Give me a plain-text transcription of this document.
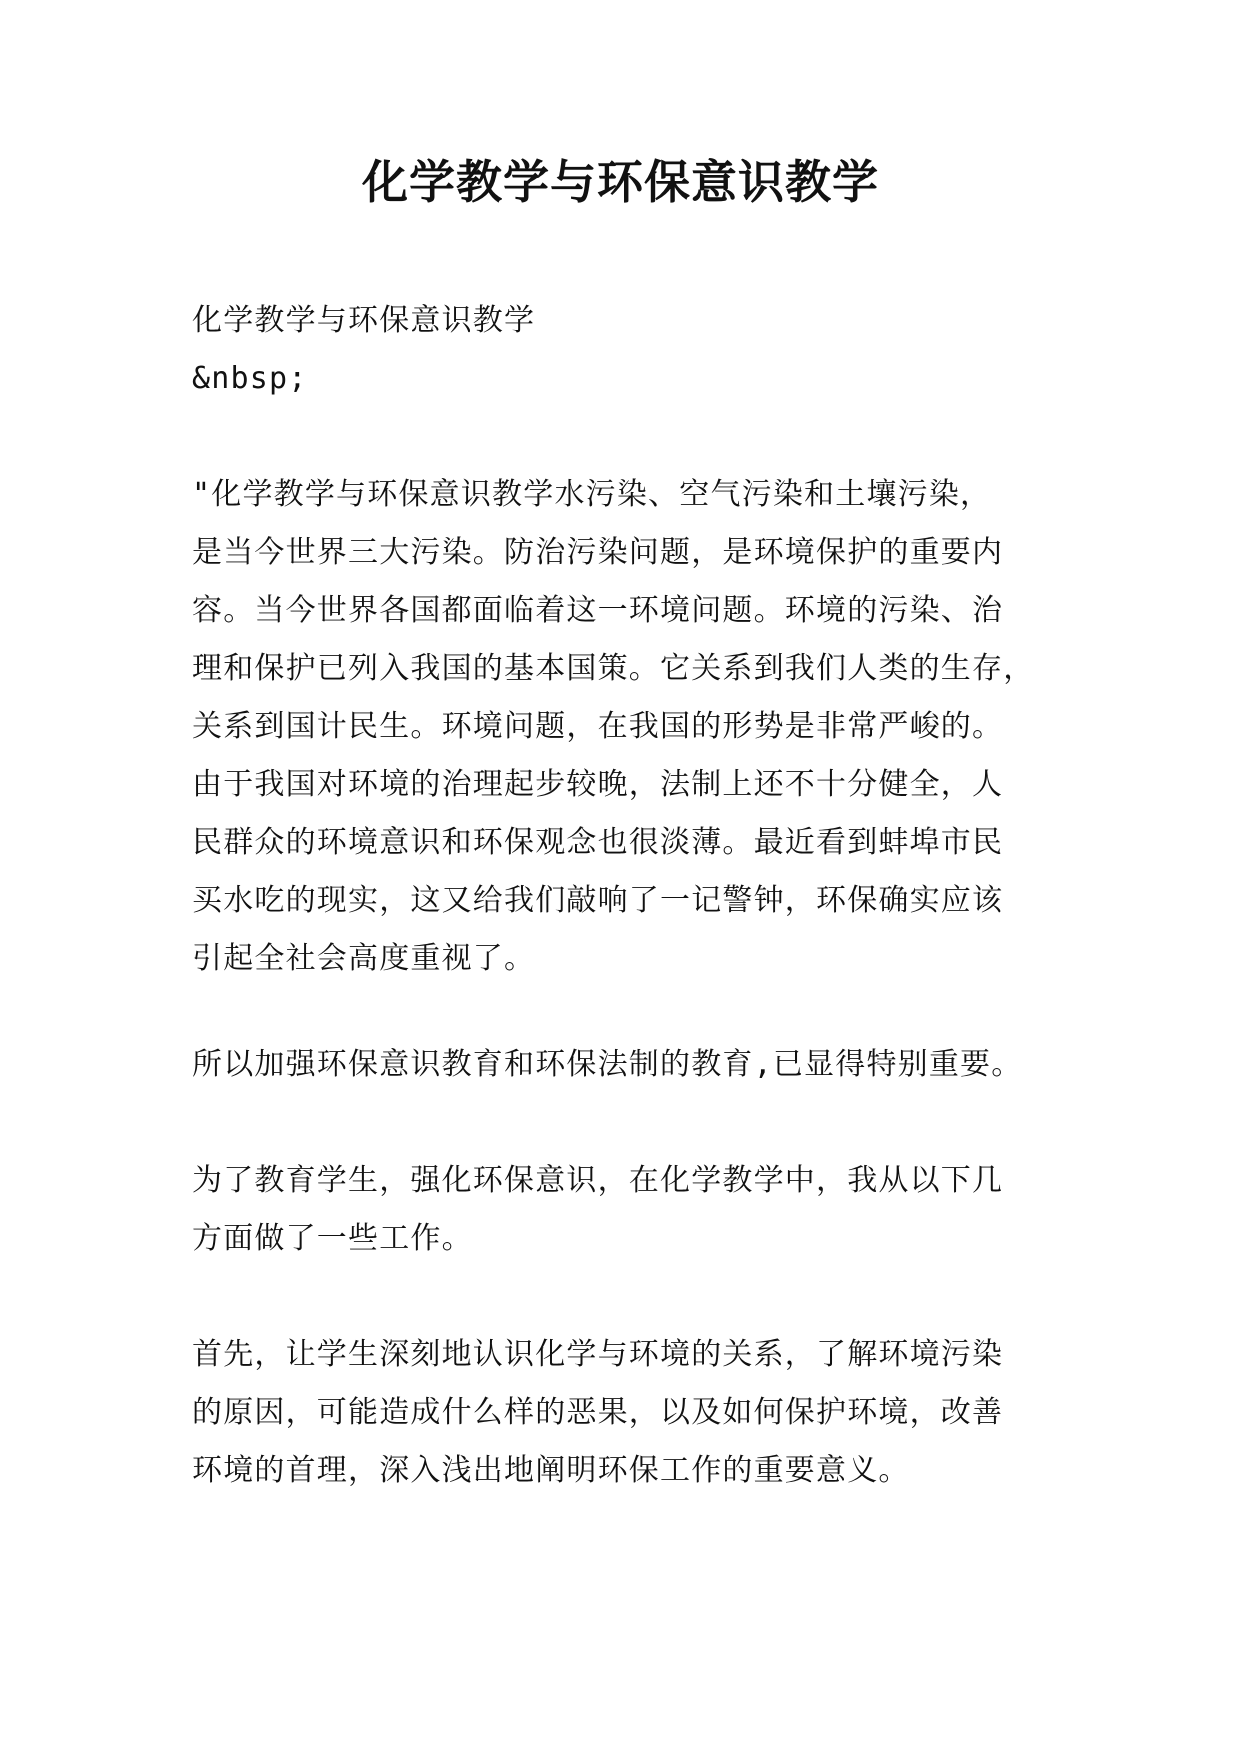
化学教学与环保意识教学

化学教学与环保意识教学

&nbsp;

"化学教学与环保意识教学水污染、空气污染和土壤污染，
是当今世界三大污染。防治污染问题，是环境保护的重要内
容。当今世界各国都面临着这一环境问题。环境的污染、治
理和保护已列入我国的基本国策。它关系到我们人类的生存，
关系到国计民生。环境问题，在我国的形势是非常严峻的。
由于我国对环境的治理起步较晚，法制上还不十分健全，人
民群众的环境意识和环保观念也很淡薄。最近看到蚌埠市民
买水吃的现实，这又给我们敲响了一记警钟，环保确实应该
引起全社会高度重视了。

所以加强环保意识教育和环保法制的教育,已显得特别重要。

为了教育学生，强化环保意识，在化学教学中，我从以下几
方面做了一些工作。

首先，让学生深刻地认识化学与环境的关系，了解环境污染
的原因，可能造成什么样的恶果，以及如何保护环境，改善
环境的首理，深入浅出地阐明环保工作的重要意义。
